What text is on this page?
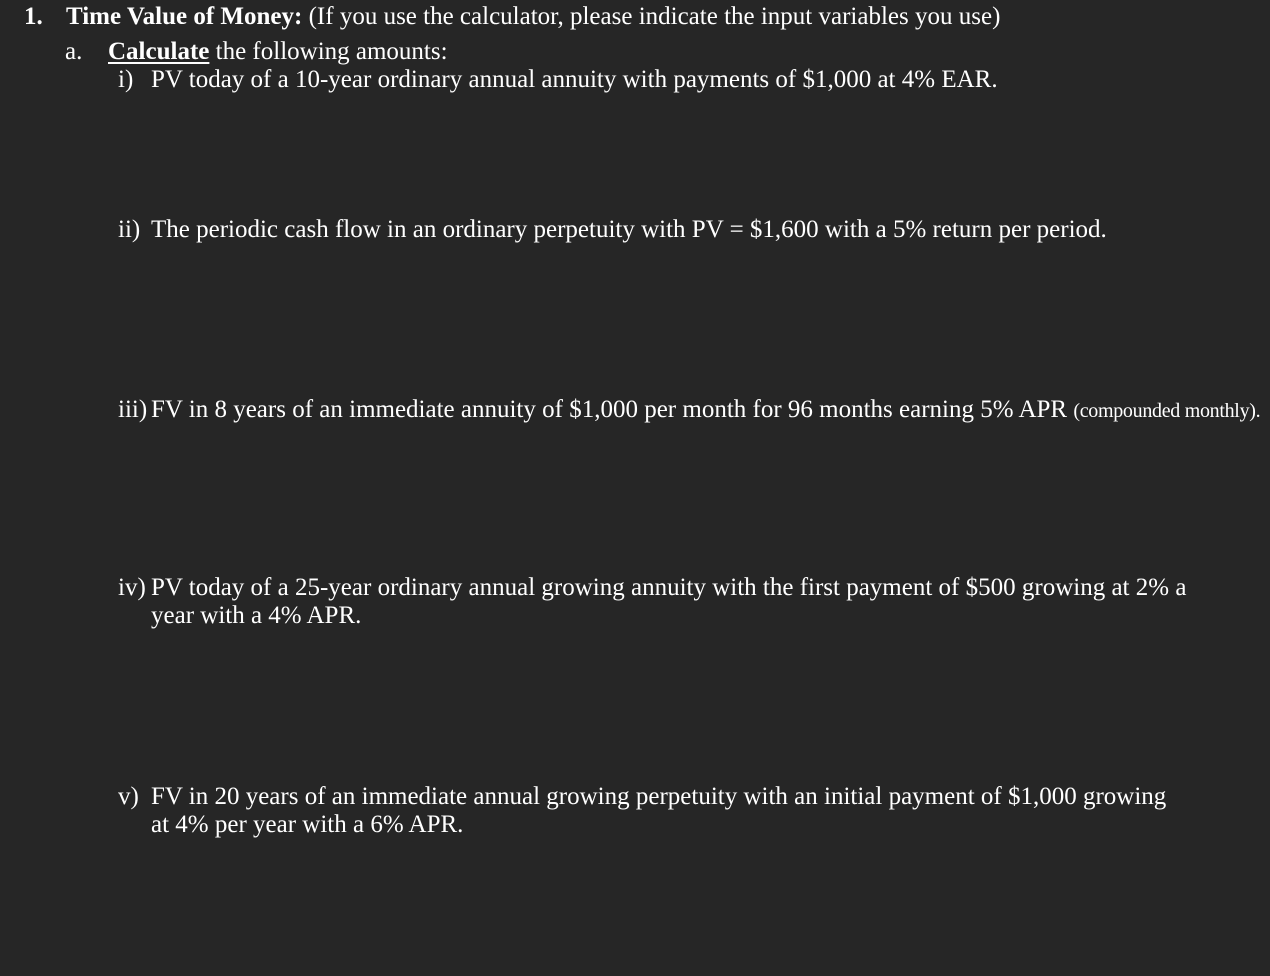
1. Time Value of Money: (If you use the calculator, please indicate the input variables you use)
a. Calculate the following amounts:
i) PV today of a 10-year ordinary annual annuity with payments of $1,000 at 4% EAR.
ii) The periodic cash flow in an ordinary perpetuity with PV = $1,600 with a 5% return per period.
iii) FV in 8 years of an immediate annuity of $1,000 per month for 96 months earning 5% APR (compounded monthly).
iv) PV today of a 25-year ordinary annual growing annuity with the first payment of $500 growing at 2% a
year with a 4% APR.
v) FV in 20 years of an immediate annual growing perpetuity with an initial payment of $1,000 growing
at 4% per year with a 6% APR.
